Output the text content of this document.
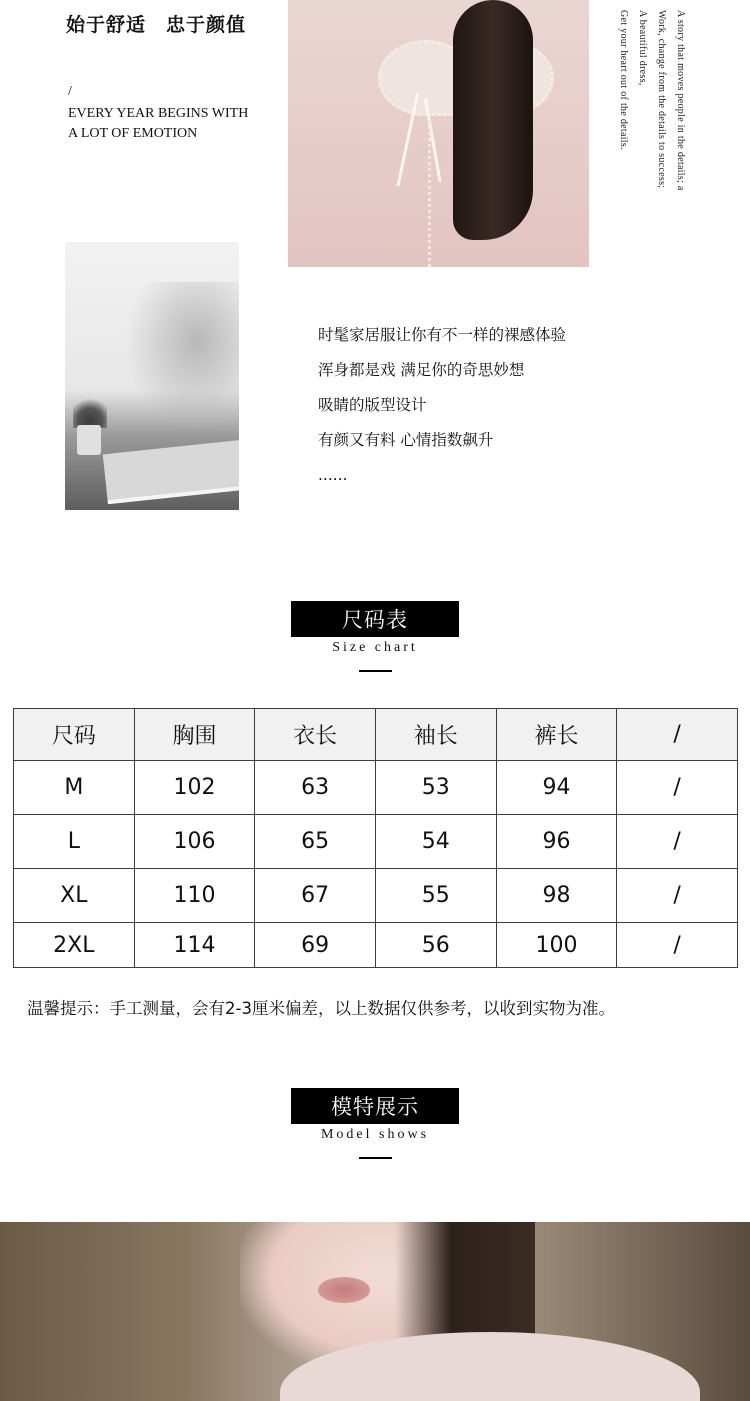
始于舒适　忠于颜值
/
EVERY YEAR BEGINS WITH
A LOT OF EMOTION	A story that moves people in the details; a
Work, change from the details to success;
A beautiful dress,
Get your heart out of the details.
时髦家居服让你有不一样的裸感体验
浑身都是戏 满足你的奇思妙想
吸睛的版型设计
有颜又有料 心情指数飙升
......
尺码表
Size chart
尺码	胸围	衣长	袖长	裤长	/
M	102	63	53	94	/
L	106	65	54	96	/
XL	110	67	55	98	/
2XL	114	69	56	100	/
温馨提示：手工测量，会有2-3厘米偏差，以上数据仅供参考，以收到实物为准。
模特展示
Model shows
